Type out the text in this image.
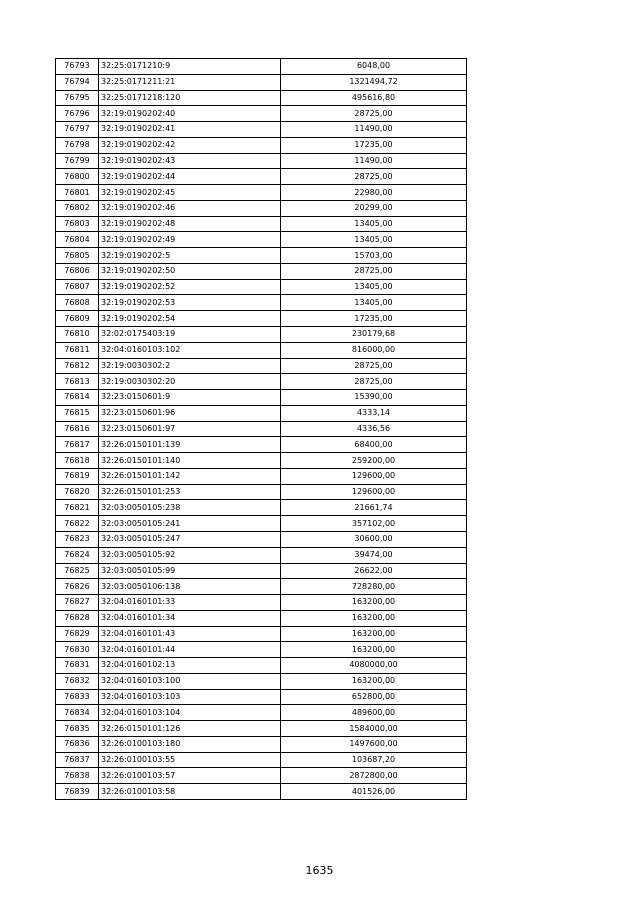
76793	32:25:0171210:9	6048,00
76794	32:25:0171211:21	1321494,72
76795	32:25:0171218:120	495616,80
76796	32:19:0190202:40	28725,00
76797	32:19:0190202:41	11490,00
76798	32:19:0190202:42	17235,00
76799	32:19:0190202:43	11490,00
76800	32:19:0190202:44	28725,00
76801	32:19:0190202:45	22980,00
76802	32:19:0190202:46	20299,00
76803	32:19:0190202:48	13405,00
76804	32:19:0190202:49	13405,00
76805	32:19:0190202:5	15703,00
76806	32:19:0190202:50	28725,00
76807	32:19:0190202:52	13405,00
76808	32:19:0190202:53	13405,00
76809	32:19:0190202:54	17235,00
76810	32:02:0175403:19	230179,68
76811	32:04:0160103:102	816000,00
76812	32:19:0030302:2	28725,00
76813	32:19:0030302:20	28725,00
76814	32:23:0150601:9	15390,00
76815	32:23:0150601:96	4333,14
76816	32:23:0150601:97	4336,56
76817	32:26:0150101:139	68400,00
76818	32:26:0150101:140	259200,00
76819	32:26:0150101:142	129600,00
76820	32:26:0150101:253	129600,00
76821	32:03:0050105:238	21661,74
76822	32:03:0050105:241	357102,00
76823	32:03:0050105:247	30600,00
76824	32:03:0050105:92	39474,00
76825	32:03:0050105:99	26622,00
76826	32:03:0050106:138	728280,00
76827	32:04:0160101:33	163200,00
76828	32:04:0160101:34	163200,00
76829	32:04:0160101:43	163200,00
76830	32:04:0160101:44	163200,00
76831	32:04:0160102:13	4080000,00
76832	32:04:0160103:100	163200,00
76833	32:04:0160103:103	652800,00
76834	32:04:0160103:104	489600,00
76835	32:26:0150101:126	1584000,00
76836	32:26:0100103:180	1497600,00
76837	32:26:0100103:55	103687,20
76838	32:26:0100103:57	2872800,00
76839	32:26:0100103:58	401526,00
1635
